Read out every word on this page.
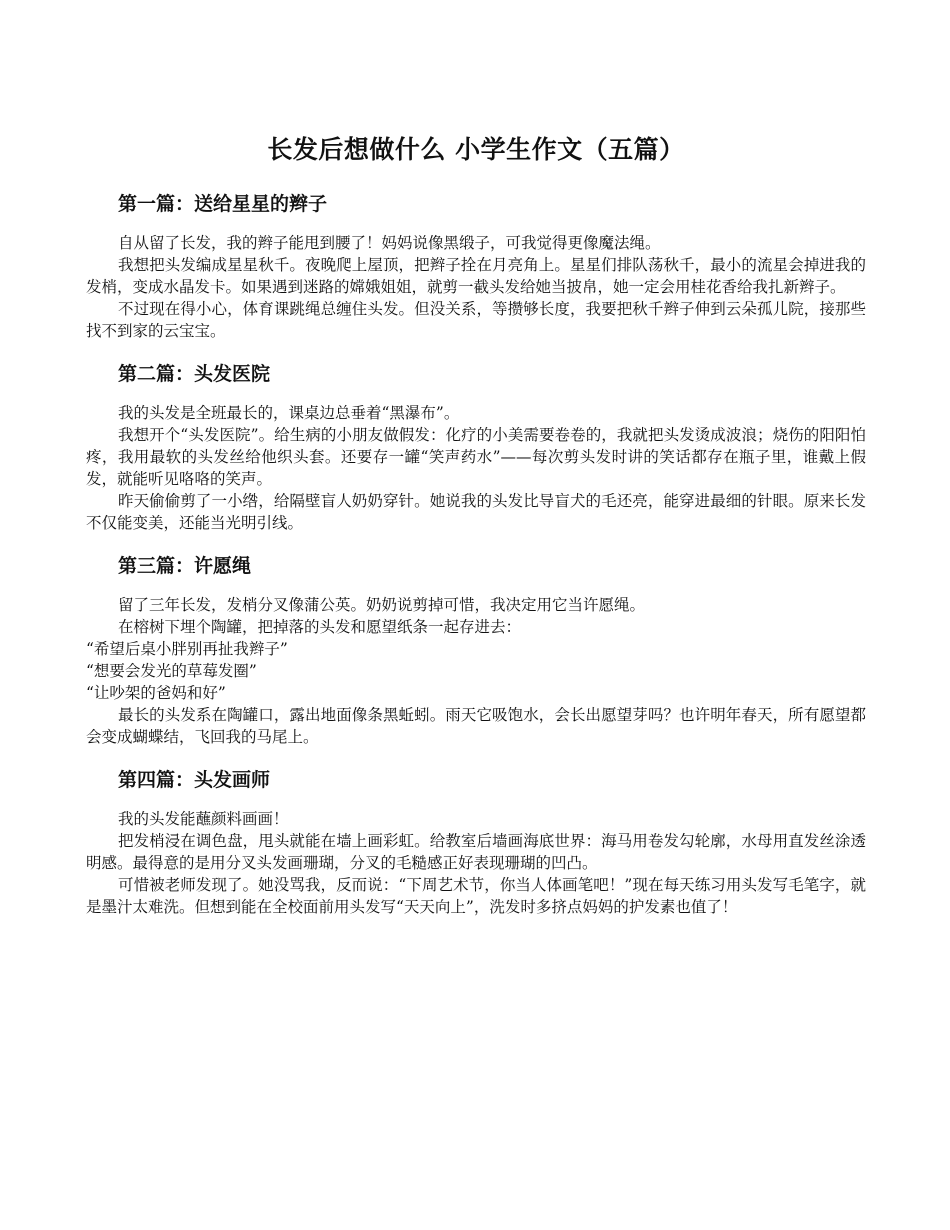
长发后想做什么 小学生作文（五篇）
第一篇：送给星星的辫子

自从留了长发，我的辫子能甩到腰了！妈妈说像黑缎子，可我觉得更像魔法绳。

我想把头发编成星星秋千。夜晚爬上屋顶，把辫子拴在月亮角上。星星们排队荡秋千，最小的流星会掉进我的发梢，变成水晶发卡。如果遇到迷路的嫦娥姐姐，就剪一截头发给她当披帛，她一定会用桂花香给我扎新辫子。

不过现在得小心，体育课跳绳总缠住头发。但没关系，等攒够长度，我要把秋千辫子伸到云朵孤儿院，接那些找不到家的云宝宝。

第二篇：头发医院

我的头发是全班最长的，课桌边总垂着“黑瀑布”。

我想开个“头发医院”。给生病的小朋友做假发：化疗的小美需要卷卷的，我就把头发烫成波浪；烧伤的阳阳怕疼，我用最软的头发丝给他织头套。还要存一罐“笑声药水”——每次剪头发时讲的笑话都存在瓶子里，谁戴上假发，就能听见咯咯的笑声。

昨天偷偷剪了一小绺，给隔壁盲人奶奶穿针。她说我的头发比导盲犬的毛还亮，能穿进最细的针眼。原来长发不仅能变美，还能当光明引线。

第三篇：许愿绳

留了三年长发，发梢分叉像蒲公英。奶奶说剪掉可惜，我决定用它当许愿绳。

在榕树下埋个陶罐，把掉落的头发和愿望纸条一起存进去：

“希望后桌小胖别再扯我辫子”

“想要会发光的草莓发圈”

“让吵架的爸妈和好”

最长的头发系在陶罐口，露出地面像条黑蚯蚓。雨天它吸饱水，会长出愿望芽吗？也许明年春天，所有愿望都会变成蝴蝶结，飞回我的马尾上。

第四篇：头发画师

我的头发能蘸颜料画画！

把发梢浸在调色盘，甩头就能在墙上画彩虹。给教室后墙画海底世界：海马用卷发勾轮廓，水母用直发丝涂透明感。最得意的是用分叉头发画珊瑚，分叉的毛糙感正好表现珊瑚的凹凸。

可惜被老师发现了。她没骂我，反而说：“下周艺术节，你当人体画笔吧！”现在每天练习用头发写毛笔字，就是墨汁太难洗。但想到能在全校面前用头发写“天天向上”，洗发时多挤点妈妈的护发素也值了！
